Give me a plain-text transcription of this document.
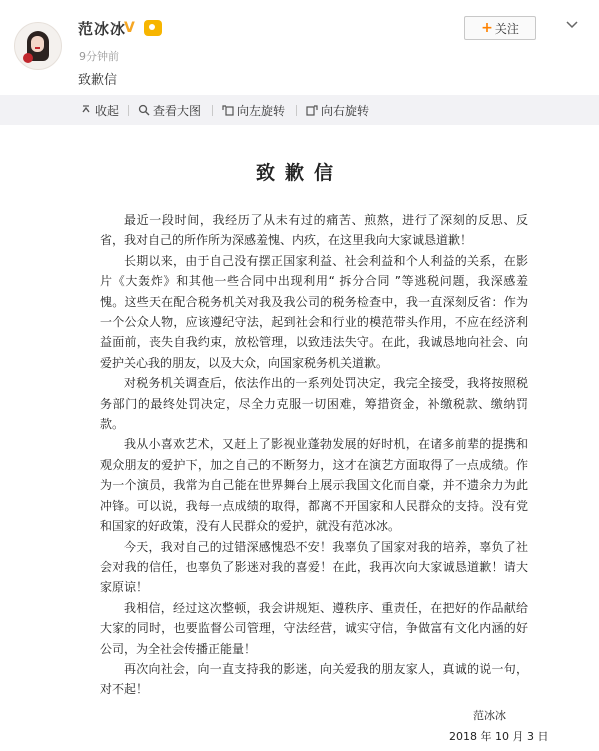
范冰冰
V
9分钟前
致歉信
+ 关注
收起	查看大图	向左旋转	向右旋转
致歉信

最近一段时间，我经历了从未有过的痛苦、煎熬，进行了深刻的反思、反省，我对自己的所作所为深感羞愧、内疚，在这里我向大家诚恳道歉！

长期以来，由于自己没有摆正国家利益、社会利益和个人利益的关系，在影片《大轰炸》和其他一些合同中出现利用“ 拆分合同 ”等逃税问题，我深感羞愧。这些天在配合税务机关对我及我公司的税务检查中，我一直深刻反省：作为一个公众人物，应该遵纪守法，起到社会和行业的模范带头作用，不应在经济利益面前，丧失自我约束，放松管理，以致违法失守。在此，我诚恳地向社会、向爱护关心我的朋友，以及大众，向国家税务机关道歉。

对税务机关调查后，依法作出的一系列处罚决定，我完全接受，我将按照税务部门的最终处罚决定，尽全力克服一切困难，筹措资金，补缴税款、缴纳罚款。

我从小喜欢艺术，又赶上了影视业蓬勃发展的好时机，在诸多前辈的提携和观众朋友的爱护下，加之自己的不断努力，这才在演艺方面取得了一点成绩。作为一个演员，我常为自己能在世界舞台上展示我国文化而自豪，并不遗余力为此冲锋。可以说，我每一点成绩的取得，都离不开国家和人民群众的支持。没有党和国家的好政策，没有人民群众的爱护，就没有范冰冰。

今天，我对自己的过错深感愧恐不安！我辜负了国家对我的培养，辜负了社会对我的信任，也辜负了影迷对我的喜爱！在此，我再次向大家诚恳道歉！请大家原谅！

我相信，经过这次整顿，我会讲规矩、遵秩序、重责任，在把好的作品献给大家的同时，也要监督公司管理，守法经营，诚实守信，争做富有文化内涵的好公司，为全社会传播正能量！

再次向社会，向一直支持我的影迷，向关爱我的朋友家人，真诚的说一句，对不起！

范冰冰
2018 年 10 月 3 日
